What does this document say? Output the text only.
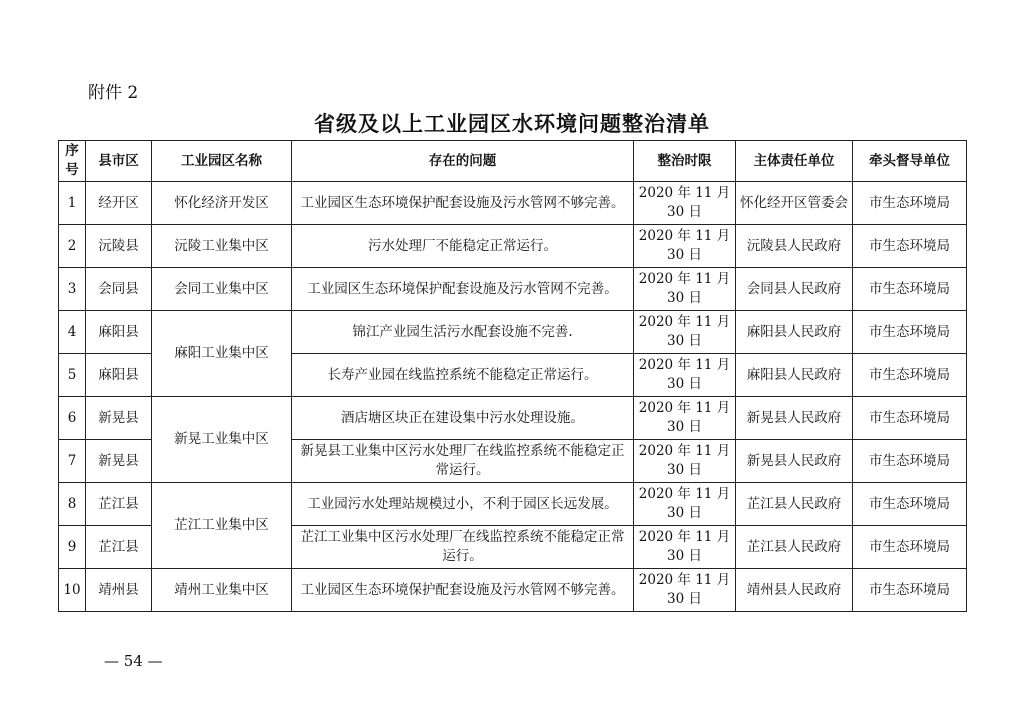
附件 2
省级及以上工业园区水环境问题整治清单
序号	县市区	工业园区名称	存在的问题	整治时限	主体责任单位	牵头督导单位
1	经开区	怀化经济开发区	工业园区生态环境保护配套设施及污水管网不够完善。	2020 年 11 月 30 日	怀化经开区管委会	市生态环境局
2	沅陵县	沅陵工业集中区	污水处理厂不能稳定正常运行。	2020 年 11 月 30 日	沅陵县人民政府	市生态环境局
3	会同县	会同工业集中区	工业园区生态环境保护配套设施及污水管网不完善。	2020 年 11 月 30 日	会同县人民政府	市生态环境局
4	麻阳县	麻阳工业集中区	锦江产业园生活污水配套设施不完善.	2020 年 11 月 30 日	麻阳县人民政府	市生态环境局
5	麻阳县		长寿产业园在线监控系统不能稳定正常运行。	2020 年 11 月 30 日	麻阳县人民政府	市生态环境局
6	新晃县	新晃工业集中区	酒店塘区块正在建设集中污水处理设施。	2020 年 11 月 30 日	新晃县人民政府	市生态环境局
7	新晃县		新晃县工业集中区污水处理厂在线监控系统不能稳定正常运行。	2020 年 11 月 30 日	新晃县人民政府	市生态环境局
8	芷江县	芷江工业集中区	工业园污水处理站规模过小，不利于园区长远发展。	2020 年 11 月 30 日	芷江县人民政府	市生态环境局
9	芷江县		芷江工业集中区污水处理厂在线监控系统不能稳定正常运行。	2020 年 11 月 30 日	芷江县人民政府	市生态环境局
10	靖州县	靖州工业集中区	工业园区生态环境保护配套设施及污水管网不够完善。	2020 年 11 月 30 日	靖州县人民政府	市生态环境局
— 54 —
